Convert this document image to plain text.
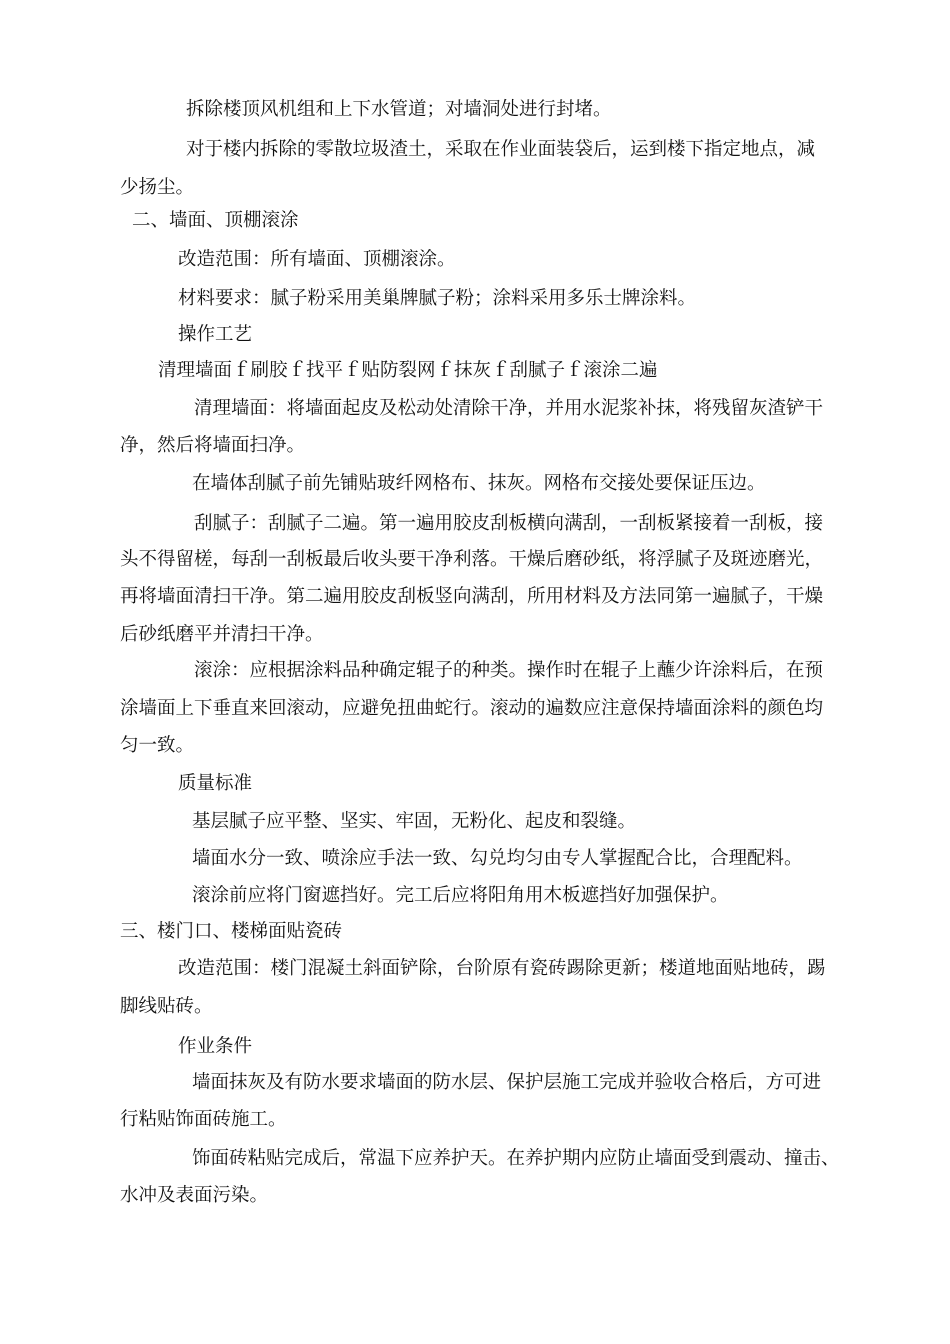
拆除楼顶风机组和上下水管道；对墙洞处进行封堵。

对于楼内拆除的零散垃圾渣土，采取在作业面装袋后，运到楼下指定地点，减

少扬尘。

二、墙面、顶棚滚涂

改造范围：所有墙面、顶棚滚涂。

材料要求：腻子粉采用美巢牌腻子粉；涂料采用多乐士牌涂料。

操作工艺

清理墙面ｆ刷胶ｆ找平ｆ贴防裂网ｆ抹灰ｆ刮腻子ｆ滚涂二遍

清理墙面：将墙面起皮及松动处清除干净，并用水泥浆补抹，将残留灰渣铲干

净，然后将墙面扫净。

在墙体刮腻子前先铺贴玻纤网格布、抹灰。网格布交接处要保证压边。

刮腻子：刮腻子二遍。第一遍用胶皮刮板横向满刮，一刮板紧接着一刮板，接

头不得留槎，每刮一刮板最后收头要干净利落。干燥后磨砂纸，将浮腻子及斑迹磨光，

再将墙面清扫干净。第二遍用胶皮刮板竖向满刮，所用材料及方法同第一遍腻子，干燥

后砂纸磨平并清扫干净。

滚涂：应根据涂料品种确定辊子的种类。操作时在辊子上蘸少许涂料后，在预

涂墙面上下垂直来回滚动，应避免扭曲蛇行。滚动的遍数应注意保持墙面涂料的颜色均

匀一致。

质量标准

基层腻子应平整、坚实、牢固，无粉化、起皮和裂缝。

墙面水分一致、喷涂应手法一致、勾兑均匀由专人掌握配合比，合理配料。

滚涂前应将门窗遮挡好。完工后应将阳角用木板遮挡好加强保护。

三、楼门口、楼梯面贴瓷砖

改造范围：楼门混凝土斜面铲除，台阶原有瓷砖踢除更新；楼道地面贴地砖，踢

脚线贴砖。

作业条件

墙面抹灰及有防水要求墙面的防水层、保护层施工完成并验收合格后，方可进

行粘贴饰面砖施工。

饰面砖粘贴完成后，常温下应养护天。在养护期内应防止墙面受到震动、撞击、

水冲及表面污染。
